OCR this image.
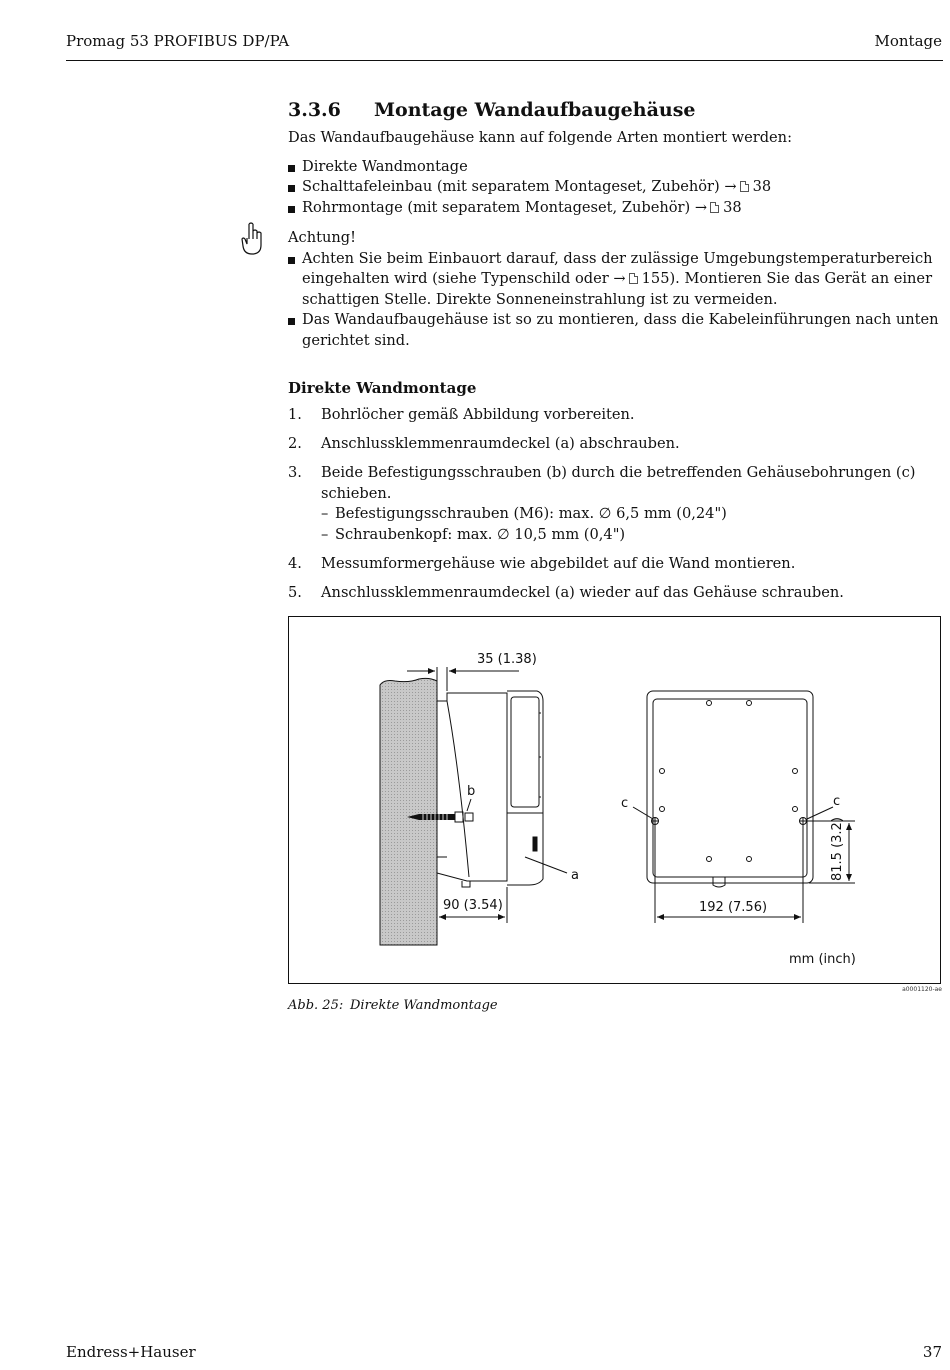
Promag 53 PROFIBUS DP/PA	Montage
3.3.6 Montage Wandaufbaugehäuse

Das Wandaufbaugehäuse kann auf folgende Arten montiert werden:

Direkte Wandmontage
Schalttafeleinbau (mit separatem Montageset, Zubehör) → 38
Rohrmontage (mit separatem Montageset, Zubehör) → 38

Achtung!

Achten Sie beim Einbauort darauf, dass der zulässige Umgebungstemperaturbereich eingehalten wird (siehe Typenschild oder → 155). Montieren Sie das Gerät an einer schattigen Stelle. Direkte Sonneneinstrahlung ist zu vermeiden.
Das Wandaufbaugehäuse ist so zu montieren, dass die Kabeleinführungen nach unten gerichtet sind.
Direkte Wandmontage
1. Bohrlöcher gemäß Abbildung vorbereiten.
2. Anschlussklemmenraumdeckel (a) abschrauben.
3. Beide Befestigungsschrauben (b) durch die betreffenden Gehäusebohrungen (c) schieben.
– Befestigungsschrauben (M6): max. ∅ 6,5 mm (0,24")
– Schraubenkopf: max. ∅ 10,5 mm (0,4")
4. Messumformergehäuse wie abgebildet auf die Wand montieren.
5. Anschlussklemmenraumdeckel (a) wieder auf das Gehäuse schrauben.
35 (1.38)
90 (3.54)
b
a
c	c
192 (7.56)
81.5 (3.2)
mm (inch)
a0001120-ae
Abb. 25: Direkte Wandmontage
Endress+Hauser	37
